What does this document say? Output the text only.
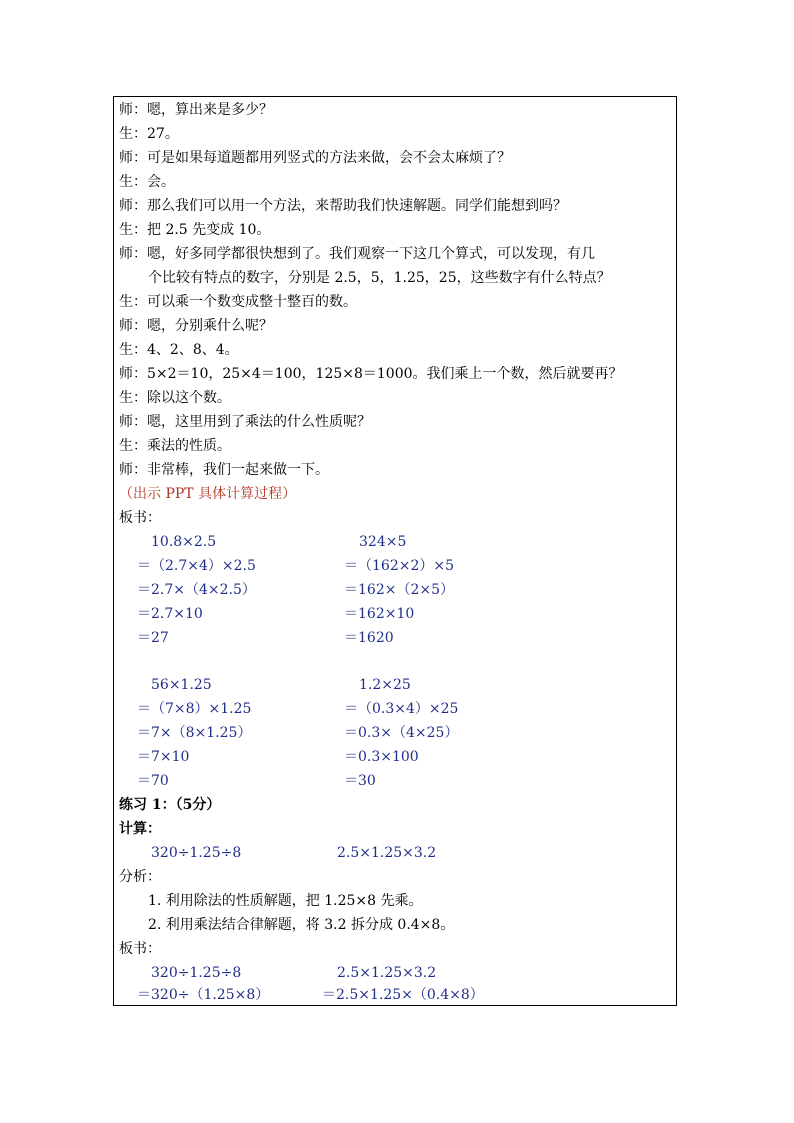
师：嗯，算出来是多少？
生：27。
师：可是如果每道题都用列竖式的方法来做，会不会太麻烦了？
生：会。
师：那么我们可以用一个方法，来帮助我们快速解题。同学们能想到吗？
生：把 2.5 先变成 10。
师：嗯，好多同学都很快想到了。我们观察一下这几个算式，可以发现，有几
个比较有特点的数字，分别是 2.5，5，1.25，25，这些数字有什么特点？
生：可以乘一个数变成整十整百的数。
师：嗯，分别乘什么呢？
生：4、2、8、4。
师：5×2＝10，25×4＝100，125×8＝1000。我们乘上一个数，然后就要再？
生：除以这个数。
师：嗯，这里用到了乘法的什么性质呢？
生：乘法的性质。
师：非常棒，我们一起来做一下。
（出示 PPT 具体计算过程）
板书：
10.8×2.5
＝（2.7×4）×2.5
＝2.7×（4×2.5）
＝2.7×10
＝27
324×5
＝（162×2）×5
＝162×（2×5）
＝162×10
＝1620
56×1.25
＝（7×8）×1.25
＝7×（8×1.25）
＝7×10
＝70
1.2×25
＝（0.3×4）×25
＝0.3×（4×25）
＝0.3×100
＝30
练习 1：（5分）
计算：
320÷1.25÷8	2.5×1.25×3.2
分析：
1. 利用除法的性质解题，把 1.25×8 先乘。
2. 利用乘法结合律解题，将 3.2 拆分成 0.4×8。
板书：
320÷1.25÷8
＝320÷（1.25×8）
2.5×1.25×3.2
＝2.5×1.25×（0.4×8）
